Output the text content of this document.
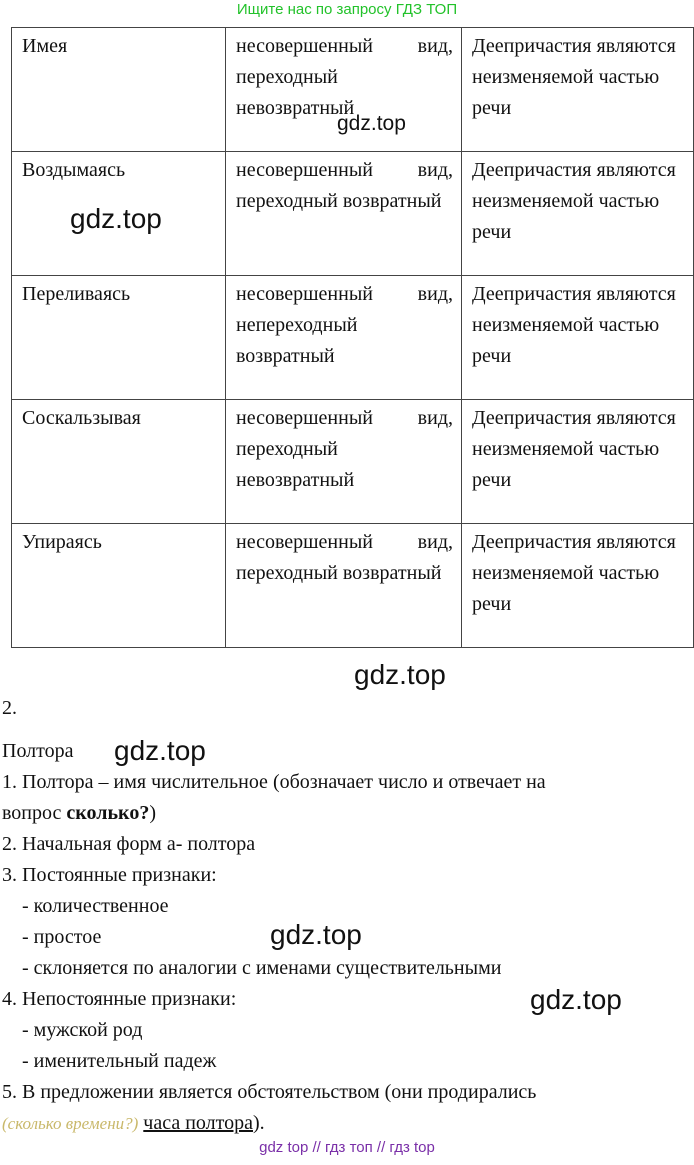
Ищите нас по запросу ГДЗ ТОП
Имея	несовершенный вид, переходный невозвратный	Деепричастия являются неизменяемой частью речи
Воздымаясь	несовершенный вид, переходный возвратный	Деепричастия являются неизменяемой частью речи
Переливаясь	несовершенный вид, непереходный возвратный	Деепричастия являются неизменяемой частью речи
Соскальзывая	несовершенный вид, переходный невозвратный	Деепричастия являются неизменяемой частью речи
Упираясь	несовершенный вид, переходный возвратный	Деепричастия являются неизменяемой частью речи
gdz.top
gdz.top
gdz.top
gdz.top
gdz.top
gdz.top
2.
Полтора
1. Полтора – имя числительное (обозначает число и отвечает на
вопрос сколько?)
2. Начальная форм а- полтора
3. Постоянные признаки:
- количественное
- простое
- склоняется по аналогии с именами существительными
4. Непостоянные признаки:
- мужской род
- именительный падеж
5. В предложении является обстоятельством (они продирались
(сколько времени?) часа полтора).
gdz top // гдз топ // гдз top
